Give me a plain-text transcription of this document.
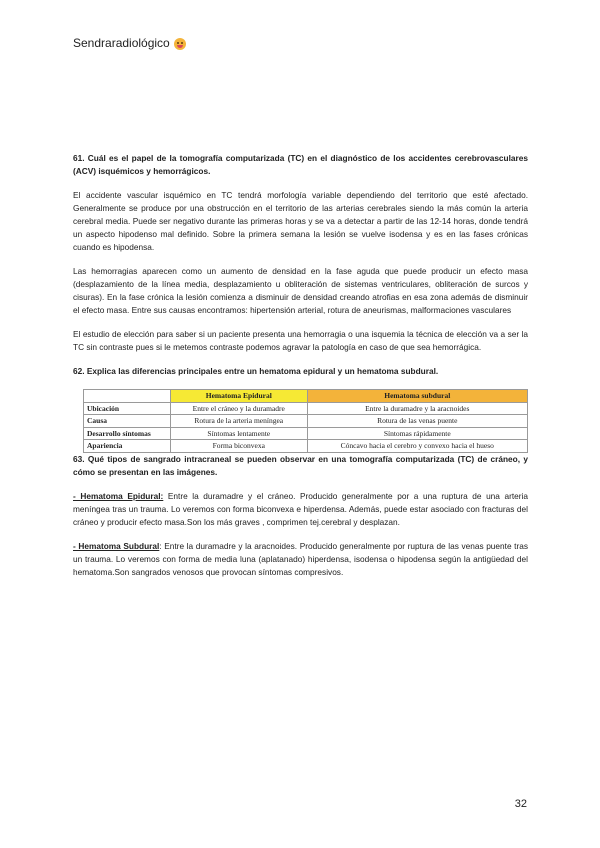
Sendraradiológico

61. Cuál es el papel de la tomografía computarizada (TC) en el diagnóstico de los accidentes cerebrovasculares (ACV) isquémicos y hemorrágicos.

El accidente vascular isquémico en TC tendrá morfología variable dependiendo del territorio que esté afectado. Generalmente se produce por una obstrucción en el territorio de las arterias cerebrales siendo la más común la arteria cerebral media. Puede ser negativo durante las primeras horas y se va a detectar a partir de las 12-14 horas, donde tendrá un aspecto hipodenso mal definido. Sobre la primera semana la lesión se vuelve isodensa y es en las fases crónicas cuando es hipodensa.

Las hemorragias aparecen como un aumento de densidad en la fase aguda que puede producir un efecto masa (desplazamiento de la línea media, desplazamiento u obliteración de sistemas ventriculares, obliteración de surcos y cisuras). En la fase crónica la lesión comienza a disminuir de densidad creando atrofias en esa zona además de disminuir el efecto masa. Entre sus causas encontramos: hipertensión arterial, rotura de aneurismas, malformaciones vasculares

El estudio de elección para saber si un paciente presenta una hemorragia o una isquemia la técnica de elección va a ser la TC sin contraste pues si le metemos contraste podemos agravar la patología en caso de que sea hemorrágica.

62. Explica las diferencias principales entre un hematoma epidural y un hematoma subdural.

	Hematoma Epidural	Hematoma subdural
Ubicación	Entre el cráneo y la duramadre	Entre la duramadre y la aracnoides
Causa	Rotura de la arteria meníngea	Rotura de las venas puente
Desarrollo síntomas	Síntomas lentamente	Síntomas rápidamente
Apariencia	Forma biconvexa	Cóncavo hacia el cerebro y convexo hacia el hueso

63. Qué tipos de sangrado intracraneal se pueden observar en una tomografía computarizada (TC) de cráneo, y cómo se presentan en las imágenes.

- Hematoma Epidural: Entre la duramadre y el cráneo. Producido generalmente por a una ruptura de una arteria meníngea tras un trauma. Lo veremos con forma biconvexa e hiperdensa. Además, puede estar asociado con fracturas del cráneo y producir efecto masa.Son los más graves , comprimen tej.cerebral y desplazan.

- Hematoma Subdural: Entre la duramadre y la aracnoides. Producido generalmente por ruptura de las venas puente tras un trauma. Lo veremos con forma de media luna (aplatanado) hiperdensa, isodensa o hipodensa según la antigüedad del hematoma.Son sangrados venosos que provocan síntomas compresivos.

32
